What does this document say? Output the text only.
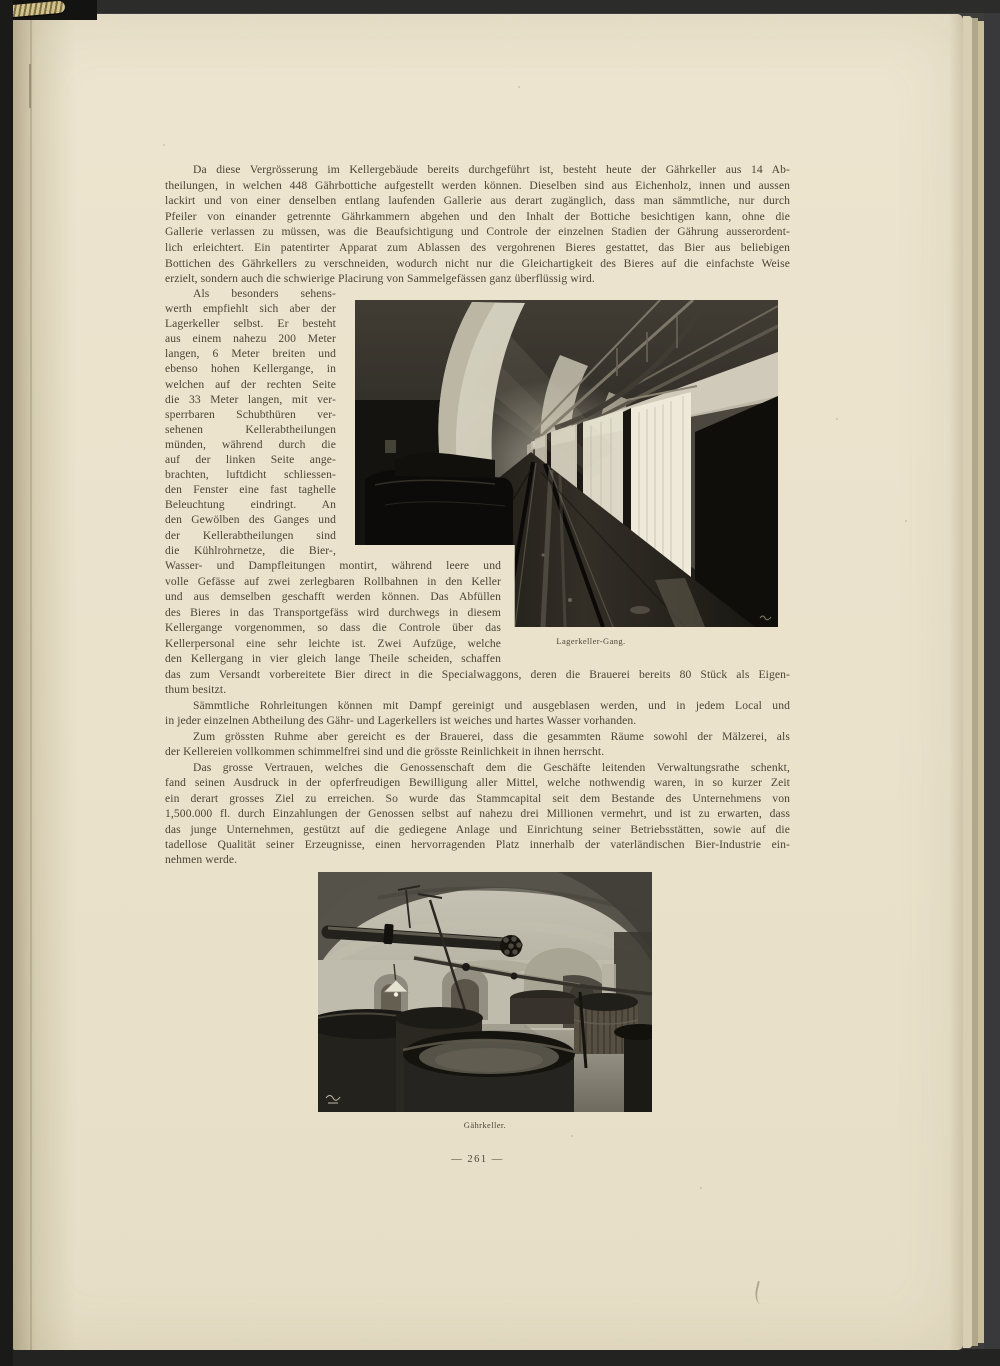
Da diese Vergrösserung im Kellergebäude bereits durchgeführt ist, besteht heute der Gährkeller aus 14 Ab-
theilungen, in welchen 448 Gährbottiche aufgestellt werden können. Dieselben sind aus Eichenholz, innen und aussen
lackirt und von einer denselben entlang laufenden Gallerie aus derart zugänglich, dass man sämmtliche, nur durch
Pfeiler von einander getrennte Gährkammern abgehen und den Inhalt der Bottiche besichtigen kann, ohne die
Gallerie verlassen zu müssen, was die Beaufsichtigung und Controle der einzelnen Stadien der Gährung ausserordent-
lich erleichtert. Ein patentirter Apparat zum Ablassen des vergohrenen Bieres gestattet, das Bier aus beliebigen
Bottichen des Gährkellers zu verschneiden, wodurch nicht nur die Gleichartigkeit des Bieres auf die einfachste Weise
erzielt, sondern auch die schwierige Placirung von Sammelgefässen ganz überflüssig wird.
Als besonders sehens-
werth empfiehlt sich aber der
Lagerkeller selbst. Er besteht
aus einem nahezu 200 Meter
langen, 6 Meter breiten und
ebenso hohen Kellergange, in
welchen auf der rechten Seite
die 33 Meter langen, mit ver-
sperrbaren Schubthüren ver-
sehenen Kellerabtheilungen
münden, während durch die
auf der linken Seite ange-
brachten, luftdicht schliessen-
den Fenster eine fast taghelle
Beleuchtung eindringt. An
den Gewölben des Ganges und
der Kellerabtheilungen sind
die Kühlrohrnetze, die Bier-,
Lagerkeller-Gang.
Wasser- und Dampfleitungen montirt, während leere und
volle Gefässe auf zwei zerlegbaren Rollbahnen in den Keller
und aus demselben geschafft werden können. Das Abfüllen
des Bieres in das Transportgefäss wird durchwegs in diesem
Kellergange vorgenommen, so dass die Controle über das
Kellerpersonal eine sehr leichte ist. Zwei Aufzüge, welche
den Kellergang in vier gleich lange Theile scheiden, schaffen
das zum Versandt vorbereitete Bier direct in die Specialwaggons, deren die Brauerei bereits 80 Stück als Eigen-
thum besitzt.
Sämmtliche Rohrleitungen können mit Dampf gereinigt und ausgeblasen werden, und in jedem Local und
in jeder einzelnen Abtheilung des Gähr- und Lagerkellers ist weiches und hartes Wasser vorhanden.
Zum grössten Ruhme aber gereicht es der Brauerei, dass die gesammten Räume sowohl der Mälzerei, als
der Kellereien vollkommen schimmelfrei sind und die grösste Reinlichkeit in ihnen herrscht.
Das grosse Vertrauen, welches die Genossenschaft dem die Geschäfte leitenden Verwaltungsrathe schenkt,
fand seinen Ausdruck in der opferfreudigen Bewilligung aller Mittel, welche nothwendig waren, in so kurzer Zeit
ein derart grosses Ziel zu erreichen. So wurde das Stammcapital seit dem Bestande des Unternehmens von
1,500.000 fl. durch Einzahlungen der Genossen selbst auf nahezu drei Millionen vermehrt, und ist zu erwarten, dass
das junge Unternehmen, gestützt auf die gediegene Anlage und Einrichtung seiner Betriebsstätten, sowie auf die
tadellose Qualität seiner Erzeugnisse, einen hervorragenden Platz innerhalb der vaterländischen Bier-Industrie ein-
nehmen werde.
Gährkeller.
— 261 —
